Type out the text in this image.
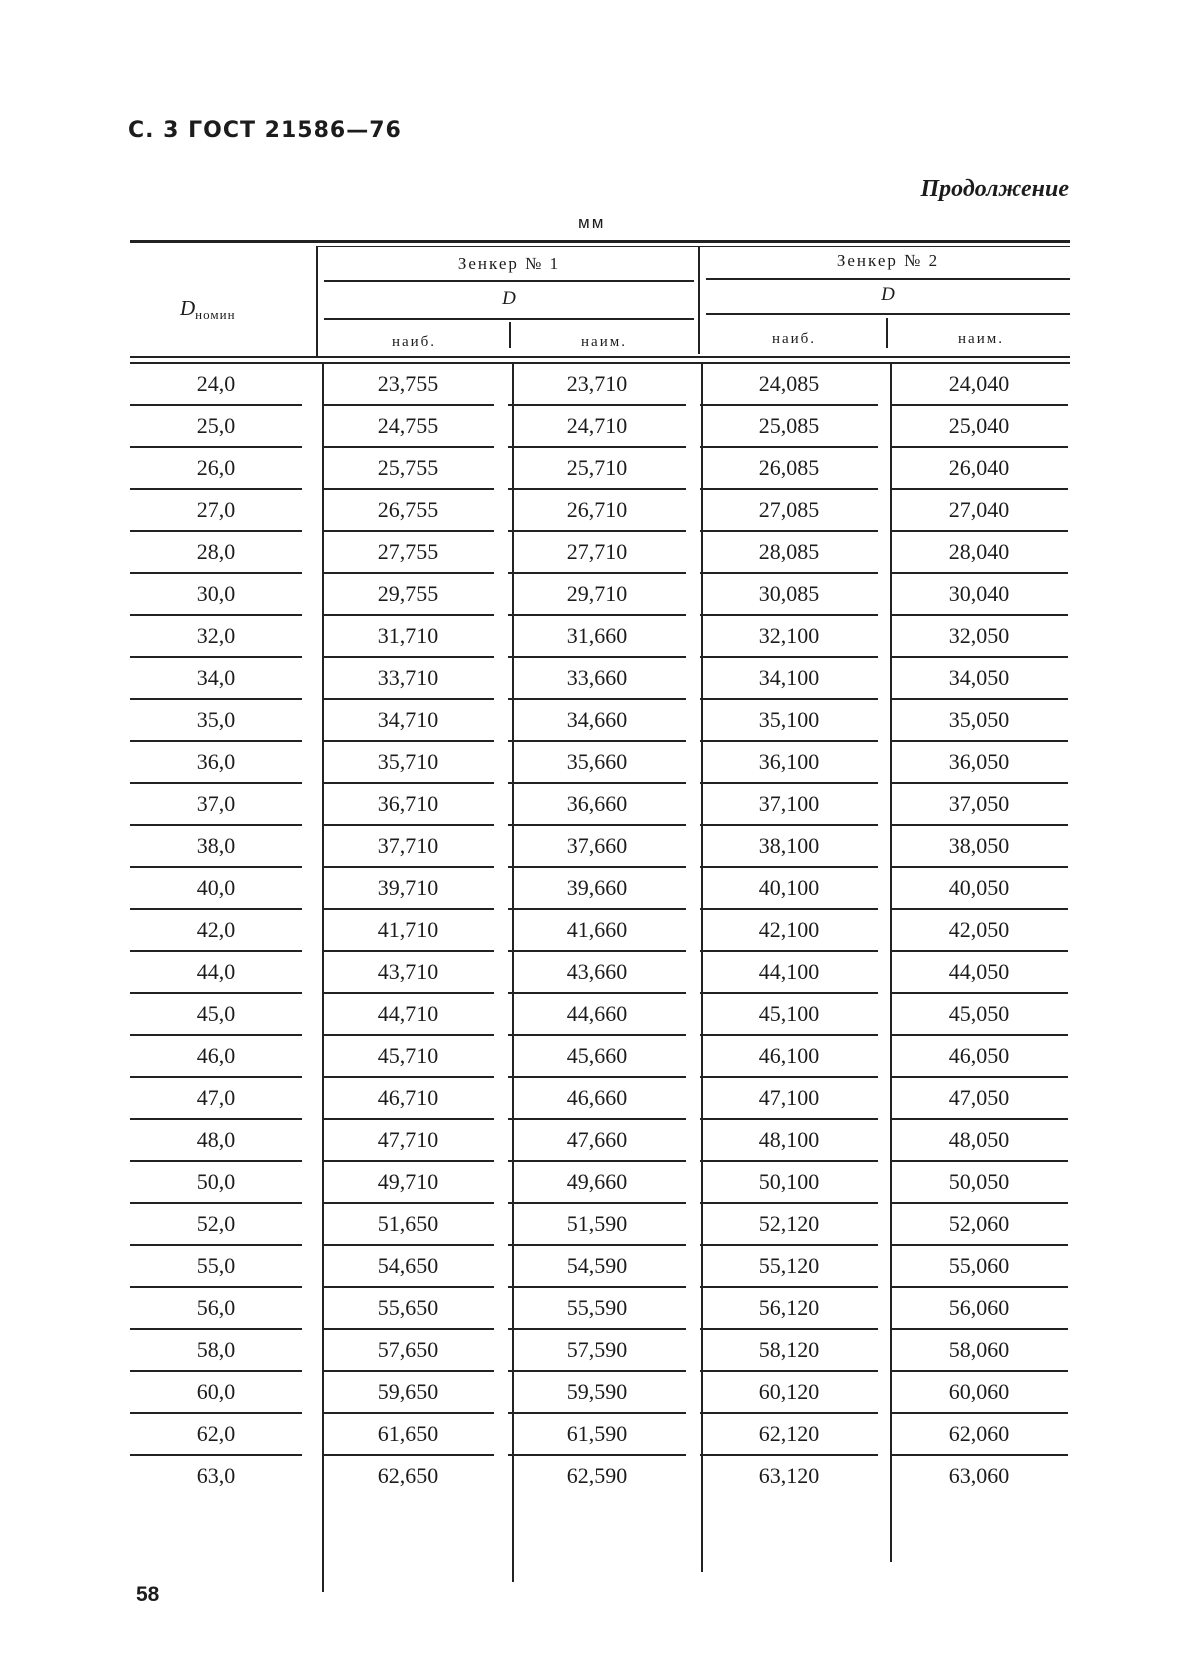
С. 3 ГОСТ 21586—76
Продолжение
мм
Зенкер № 1	Зенкер № 2
D	D
наиб.	наим.	наиб.	наим.
$D_{номин}$
24,0	23,755	23,710	24,085	24,040
25,0	24,755	24,710	25,085	25,040
26,0	25,755	25,710	26,085	26,040
27,0	26,755	26,710	27,085	27,040
28,0	27,755	27,710	28,085	28,040
30,0	29,755	29,710	30,085	30,040
32,0	31,710	31,660	32,100	32,050
34,0	33,710	33,660	34,100	34,050
35,0	34,710	34,660	35,100	35,050
36,0	35,710	35,660	36,100	36,050
37,0	36,710	36,660	37,100	37,050
38,0	37,710	37,660	38,100	38,050
40,0	39,710	39,660	40,100	40,050
42,0	41,710	41,660	42,100	42,050
44,0	43,710	43,660	44,100	44,050
45,0	44,710	44,660	45,100	45,050
46,0	45,710	45,660	46,100	46,050
47,0	46,710	46,660	47,100	47,050
48,0	47,710	47,660	48,100	48,050
50,0	49,710	49,660	50,100	50,050
52,0	51,650	51,590	52,120	52,060
55,0	54,650	54,590	55,120	55,060
56,0	55,650	55,590	56,120	56,060
58,0	57,650	57,590	58,120	58,060
60,0	59,650	59,590	60,120	60,060
62,0	61,650	61,590	62,120	62,060
63,0	62,650	62,590	63,120	63,060
58
